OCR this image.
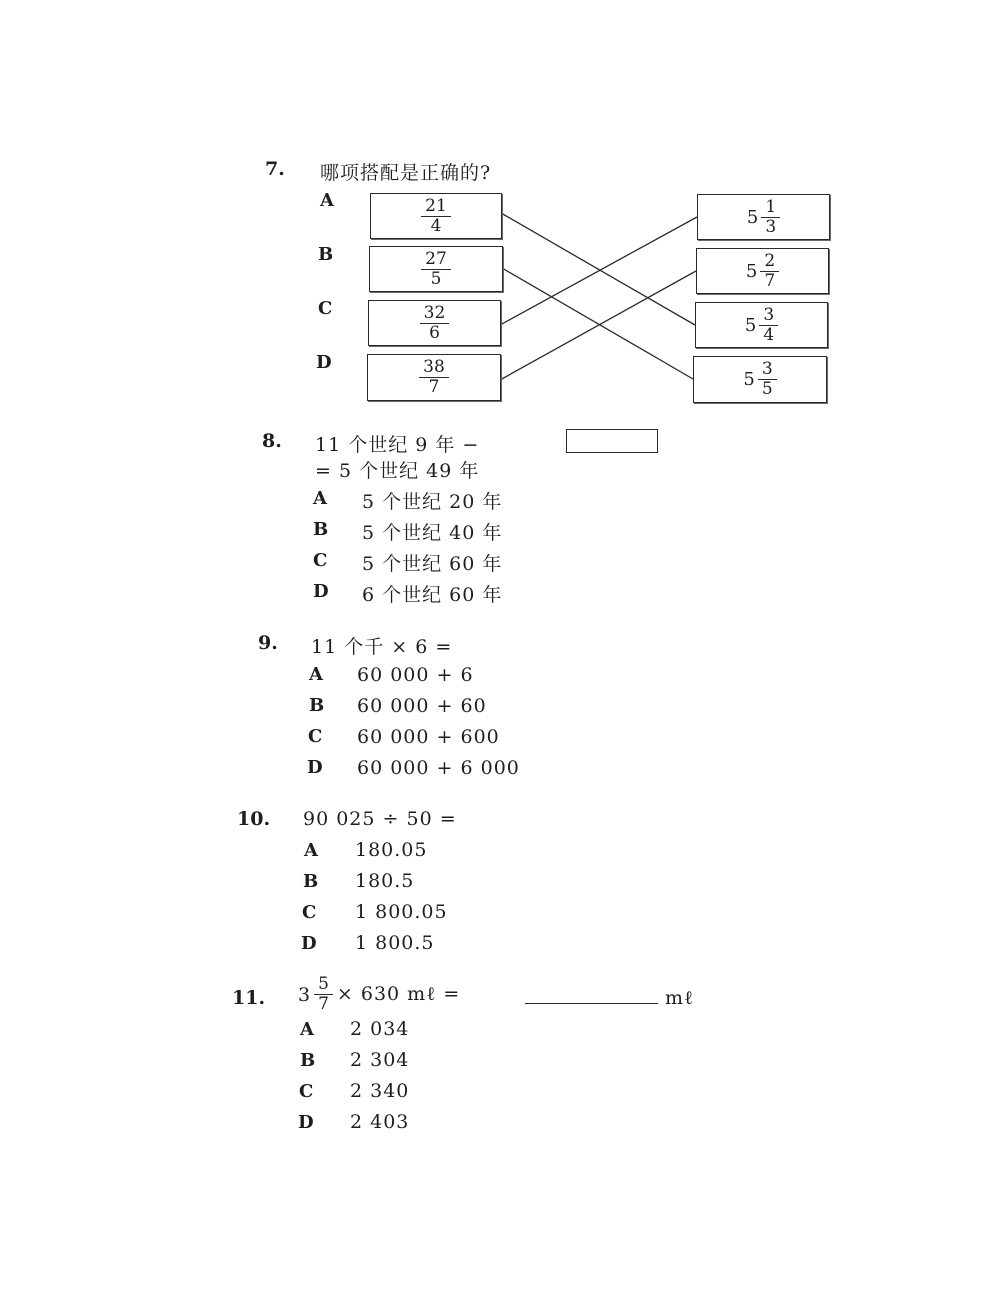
7. 哪项搭配是正确的?
A
B
C
D
$\frac{21}{4}$
$\frac{27}{5}$
$\frac{32}{6}$
$\frac{38}{7}$
$5 \frac{1}{3}$
$5 \frac{2}{7}$
$5 \frac{3}{4}$
$5 \frac{3}{5}$
8. 11 个世纪 9 年 −
= 5 个世纪 49 年
A 5 个世纪 20 年
B 5 个世纪 40 年
C 5 个世纪 60 年
D 6 个世纪 60 年
9. 11 个千 × 6 =
A 60 000 + 6
B 60 000 + 60
C 60 000 + 600
D 60 000 + 6 000
10. 90 025 ÷ 50 =
A 180.05
B 180.5
C 1 800.05
D 1 800.5
11. $3 \frac{5}{7} \times 630$ mℓ =	mℓ
A 2 034
B 2 304
C 2 340
D 2 403
